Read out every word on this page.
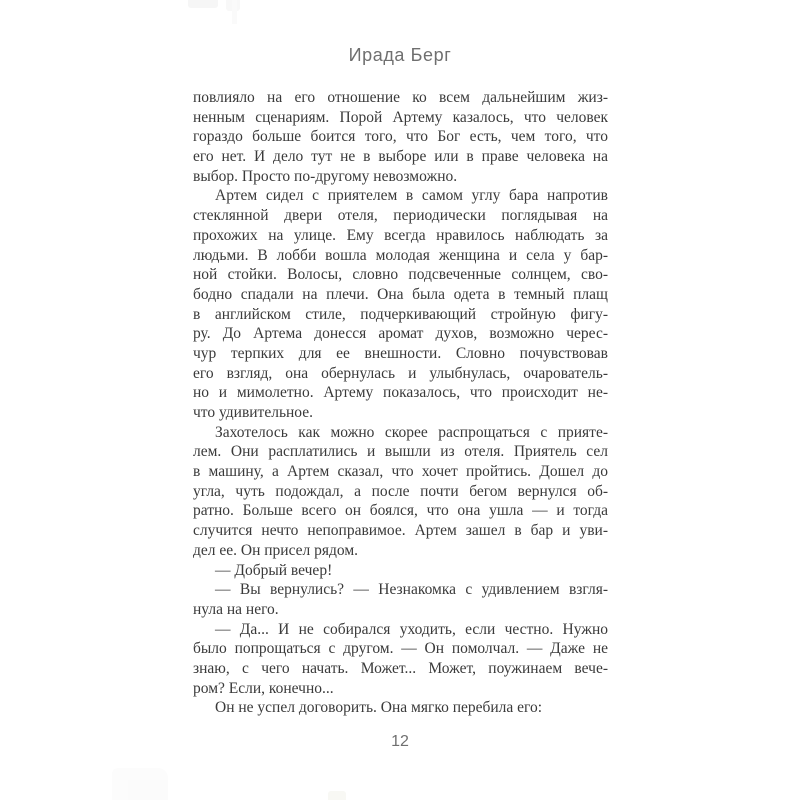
Ирада Берг
повлияло на его отношение ко всем дальнейшим жиз-
ненным сценариям. Порой Артему казалось, что человек
гораздо больше боится того, что Бог есть, чем того, что
его нет. И дело тут не в выборе или в праве человека на
выбор. Просто по-другому невозможно.
Артем сидел с приятелем в самом углу бара напротив
стеклянной двери отеля, периодически поглядывая на
прохожих на улице. Ему всегда нравилось наблюдать за
людьми. В лобби вошла молодая женщина и села у бар-
ной стойки. Волосы, словно подсвеченные солнцем, сво-
бодно спадали на плечи. Она была одета в темный плащ
в английском стиле, подчеркивающий стройную фигу-
ру. До Артема донесся аромат духов, возможно черес-
чур терпких для ее внешности. Словно почувствовав
его взгляд, она обернулась и улыбнулась, очарователь-
но и мимолетно. Артему показалось, что происходит не-
что удивительное.
Захотелось как можно скорее распрощаться с прияте-
лем. Они расплатились и вышли из отеля. Приятель сел
в машину, а Артем сказал, что хочет пройтись. Дошел до
угла, чуть подождал, а после почти бегом вернулся об-
ратно. Больше всего он боялся, что она ушла — и тогда
случится нечто непоправимое. Артем зашел в бар и уви-
дел ее. Он присел рядом.
— Добрый вечер!
— Вы вернулись? — Незнакомка с удивлением взгля-
нула на него.
— Да... И не собирался уходить, если честно. Нужно
было попрощаться с другом. — Он помолчал. — Даже не
знаю, с чего начать. Может... Может, поужинаем вече-
ром? Если, конечно...
Он не успел договорить. Она мягко перебила его:
12
